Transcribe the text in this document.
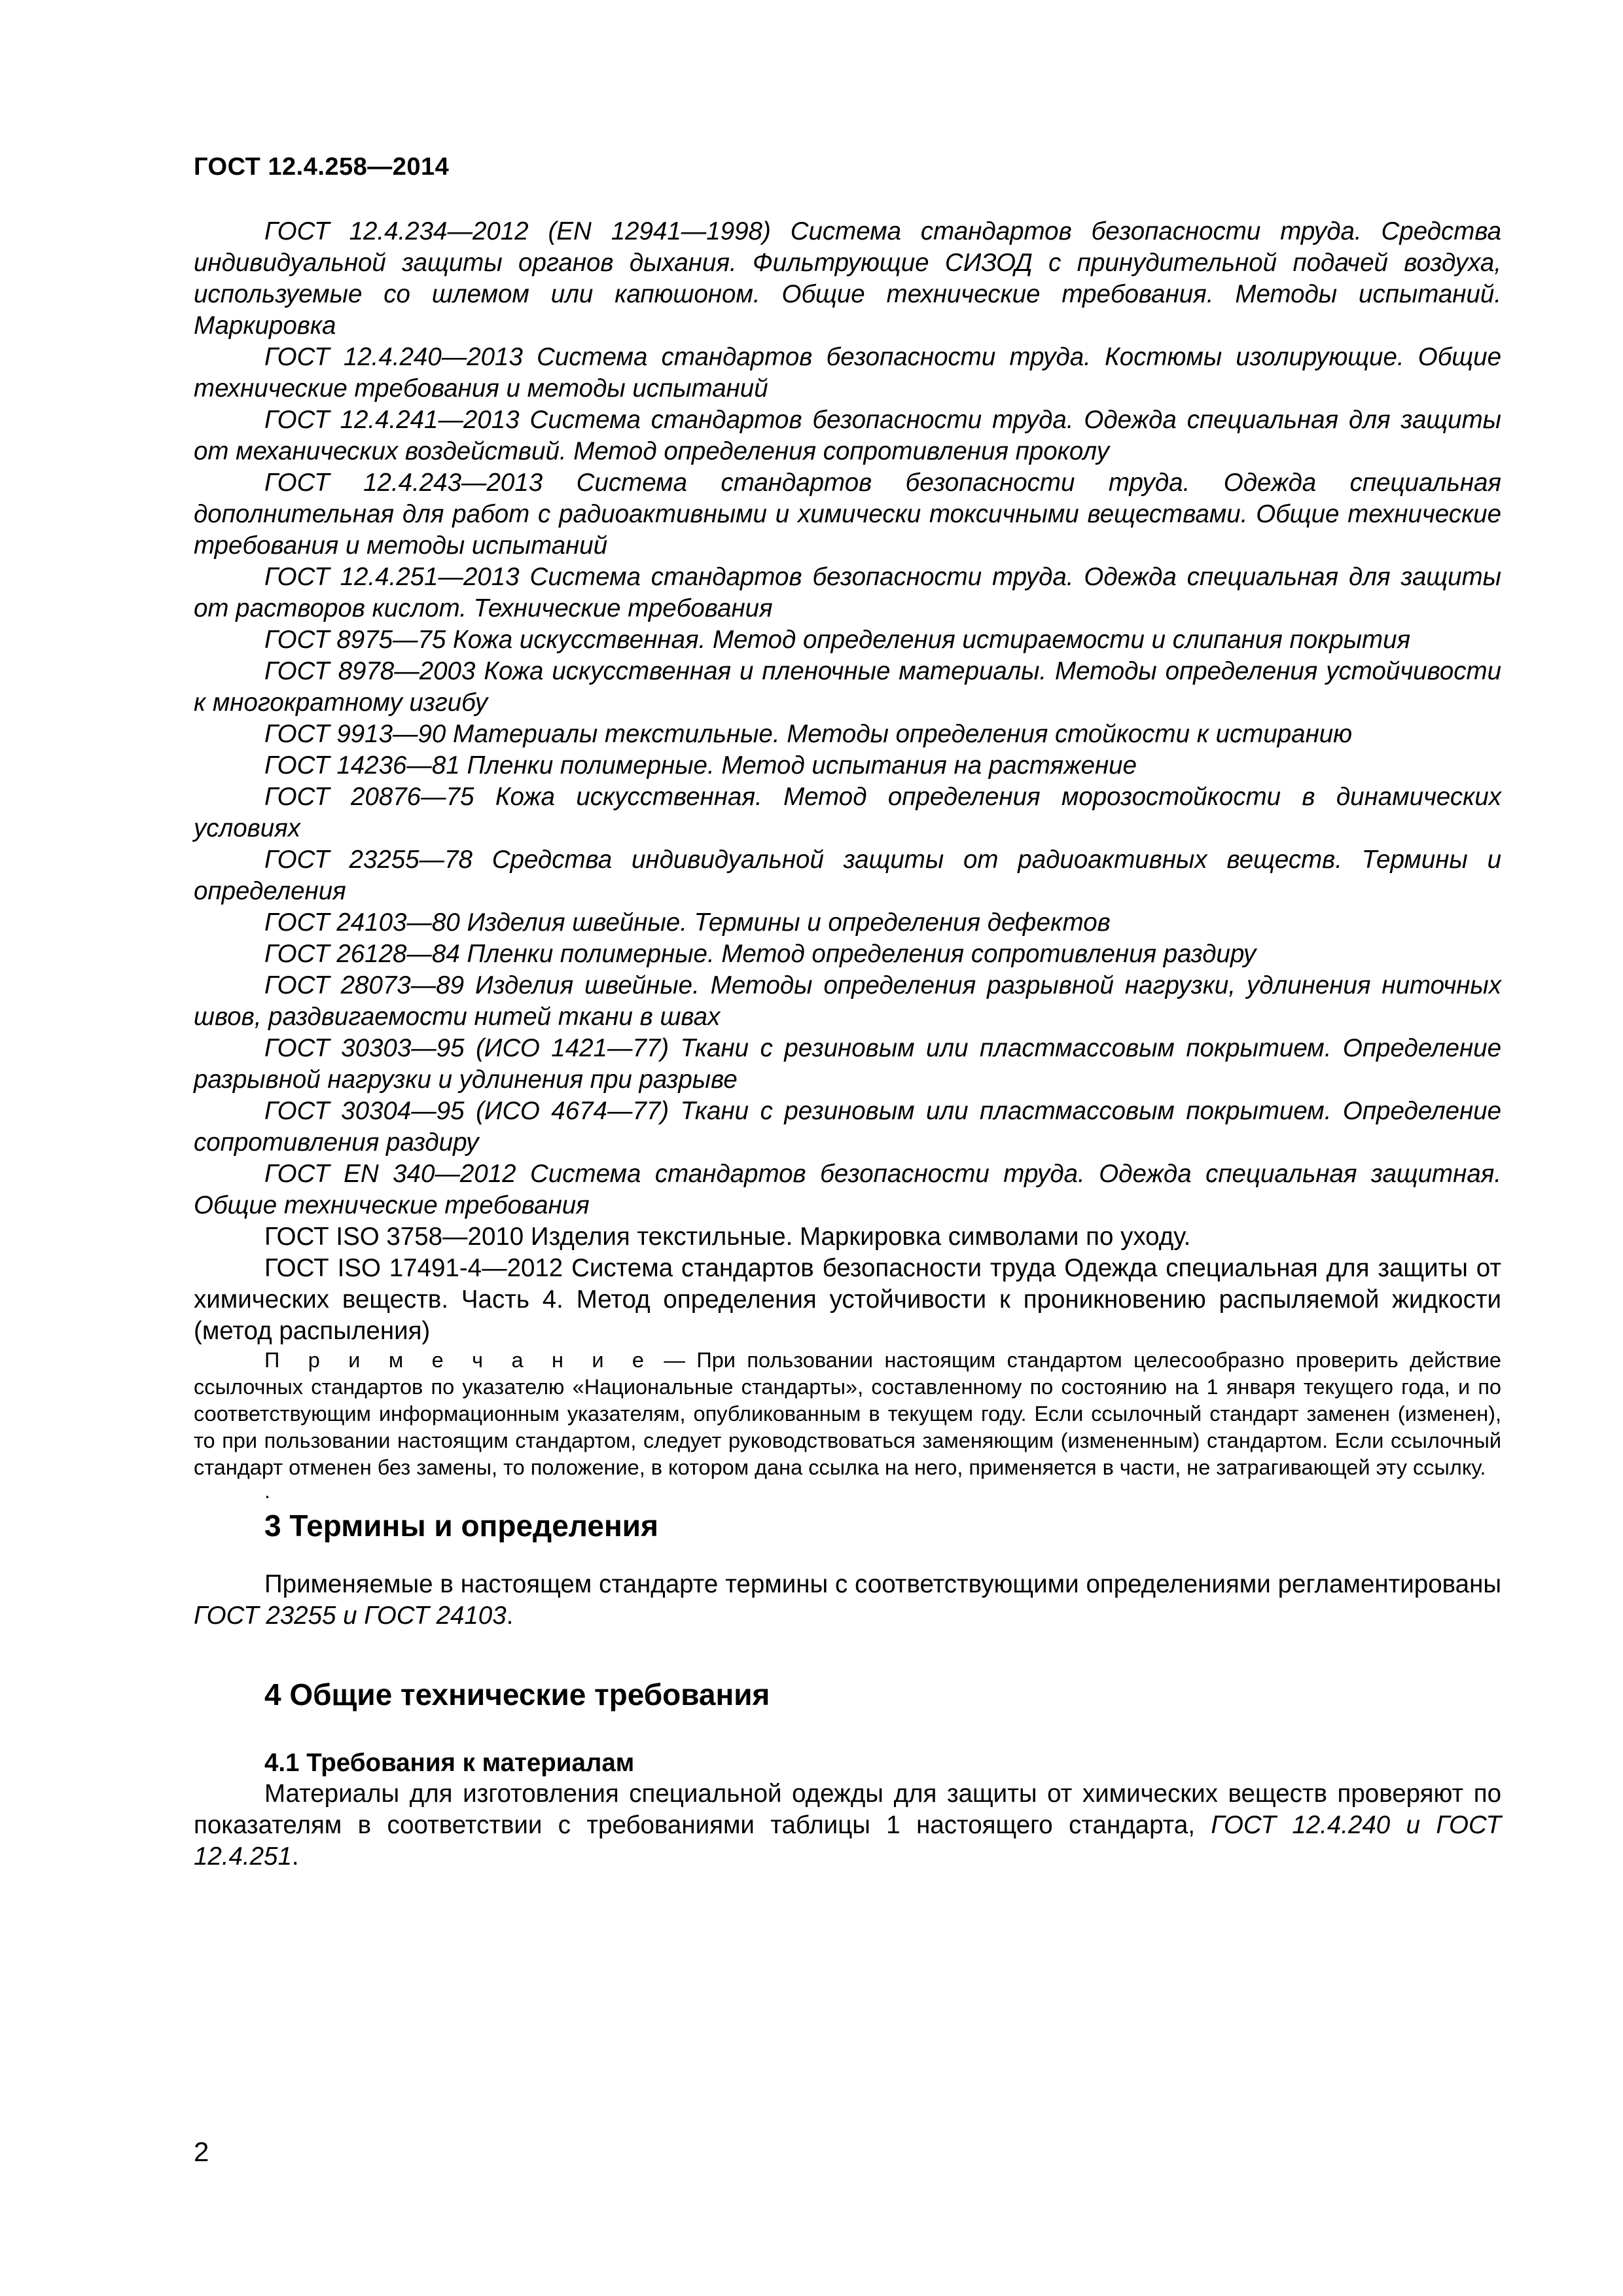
ГОСТ 12.4.258—2014

ГОСТ 12.4.234—2012 (EN 12941—1998) Система стандартов безопасности труда. Средства индивидуальной защиты органов дыхания. Фильтрующие СИЗОД с принудительной подачей воздуха, используемые со шлемом или капюшоном. Общие технические требования. Методы испытаний. Маркировка

ГОСТ 12.4.240—2013 Система стандартов безопасности труда. Костюмы изолирующие. Общие технические требования и методы испытаний

ГОСТ 12.4.241—2013 Система стандартов безопасности труда. Одежда специальная для защиты от механических воздействий. Метод определения сопротивления проколу

ГОСТ 12.4.243—2013 Система стандартов безопасности труда. Одежда специальная дополнительная для работ с радиоактивными и химически токсичными веществами. Общие технические требования и методы испытаний

ГОСТ 12.4.251—2013 Система стандартов безопасности труда. Одежда специальная для защиты от растворов кислот. Технические требования

ГОСТ 8975—75 Кожа искусственная. Метод определения истираемости и слипания покрытия

ГОСТ 8978—2003 Кожа искусственная и пленочные материалы. Методы определения устойчивости к многократному изгибу

ГОСТ 9913—90 Материалы текстильные. Методы определения стойкости к истиранию

ГОСТ 14236—81 Пленки полимерные. Метод испытания на растяжение

ГОСТ 20876—75 Кожа искусственная. Метод определения морозостойкости в динамических условиях

ГОСТ 23255—78 Средства индивидуальной защиты от радиоактивных веществ. Термины и определения

ГОСТ 24103—80 Изделия швейные. Термины и определения дефектов

ГОСТ 26128—84 Пленки полимерные. Метод определения сопротивления раздиру

ГОСТ 28073—89 Изделия швейные. Методы определения разрывной нагрузки, удлинения ниточных швов, раздвигаемости нитей ткани в швах

ГОСТ 30303—95 (ИСО 1421—77) Ткани с резиновым или пластмассовым покрытием. Определение разрывной нагрузки и удлинения при разрыве

ГОСТ 30304—95 (ИСО 4674—77) Ткани с резиновым или пластмассовым покрытием. Определение сопротивления раздиру

ГОСТ EN 340—2012 Система стандартов безопасности труда. Одежда специальная защитная. Общие технические требования

ГОСТ ISO 3758—2010 Изделия текстильные. Маркировка символами по уходу.

ГОСТ ISO 17491-4—2012 Система стандартов безопасности труда Одежда специальная для защиты от химических веществ. Часть 4. Метод определения устойчивости к проникновению распыляемой жидкости (метод распыления)

П р и м е ч а н и е — При пользовании настоящим стандартом целесообразно проверить действие ссылочных стандартов по указателю «Национальные стандарты», составленному по состоянию на 1 января текущего года, и по соответствующим информационным указателям, опубликованным в текущем году. Если ссылочный стандарт заменен (изменен), то при пользовании настоящим стандартом, следует руководствоваться заменяющим (измененным) стандартом. Если ссылочный стандарт отменен без замены, то положение, в котором дана ссылка на него, применяется в части, не затрагивающей эту ссылку.

.
3 Термины и определения

Применяемые в настоящем стандарте термины с соответствующими определениями регламентированы ГОСТ 23255 и ГОСТ 24103.

4 Общие технические требования
4.1 Требования к материалам

Материалы для изготовления специальной одежды для защиты от химических веществ проверяют по показателям в соответствии с требованиями таблицы 1 настоящего стандарта, ГОСТ 12.4.240 и ГОСТ 12.4.251.

2
